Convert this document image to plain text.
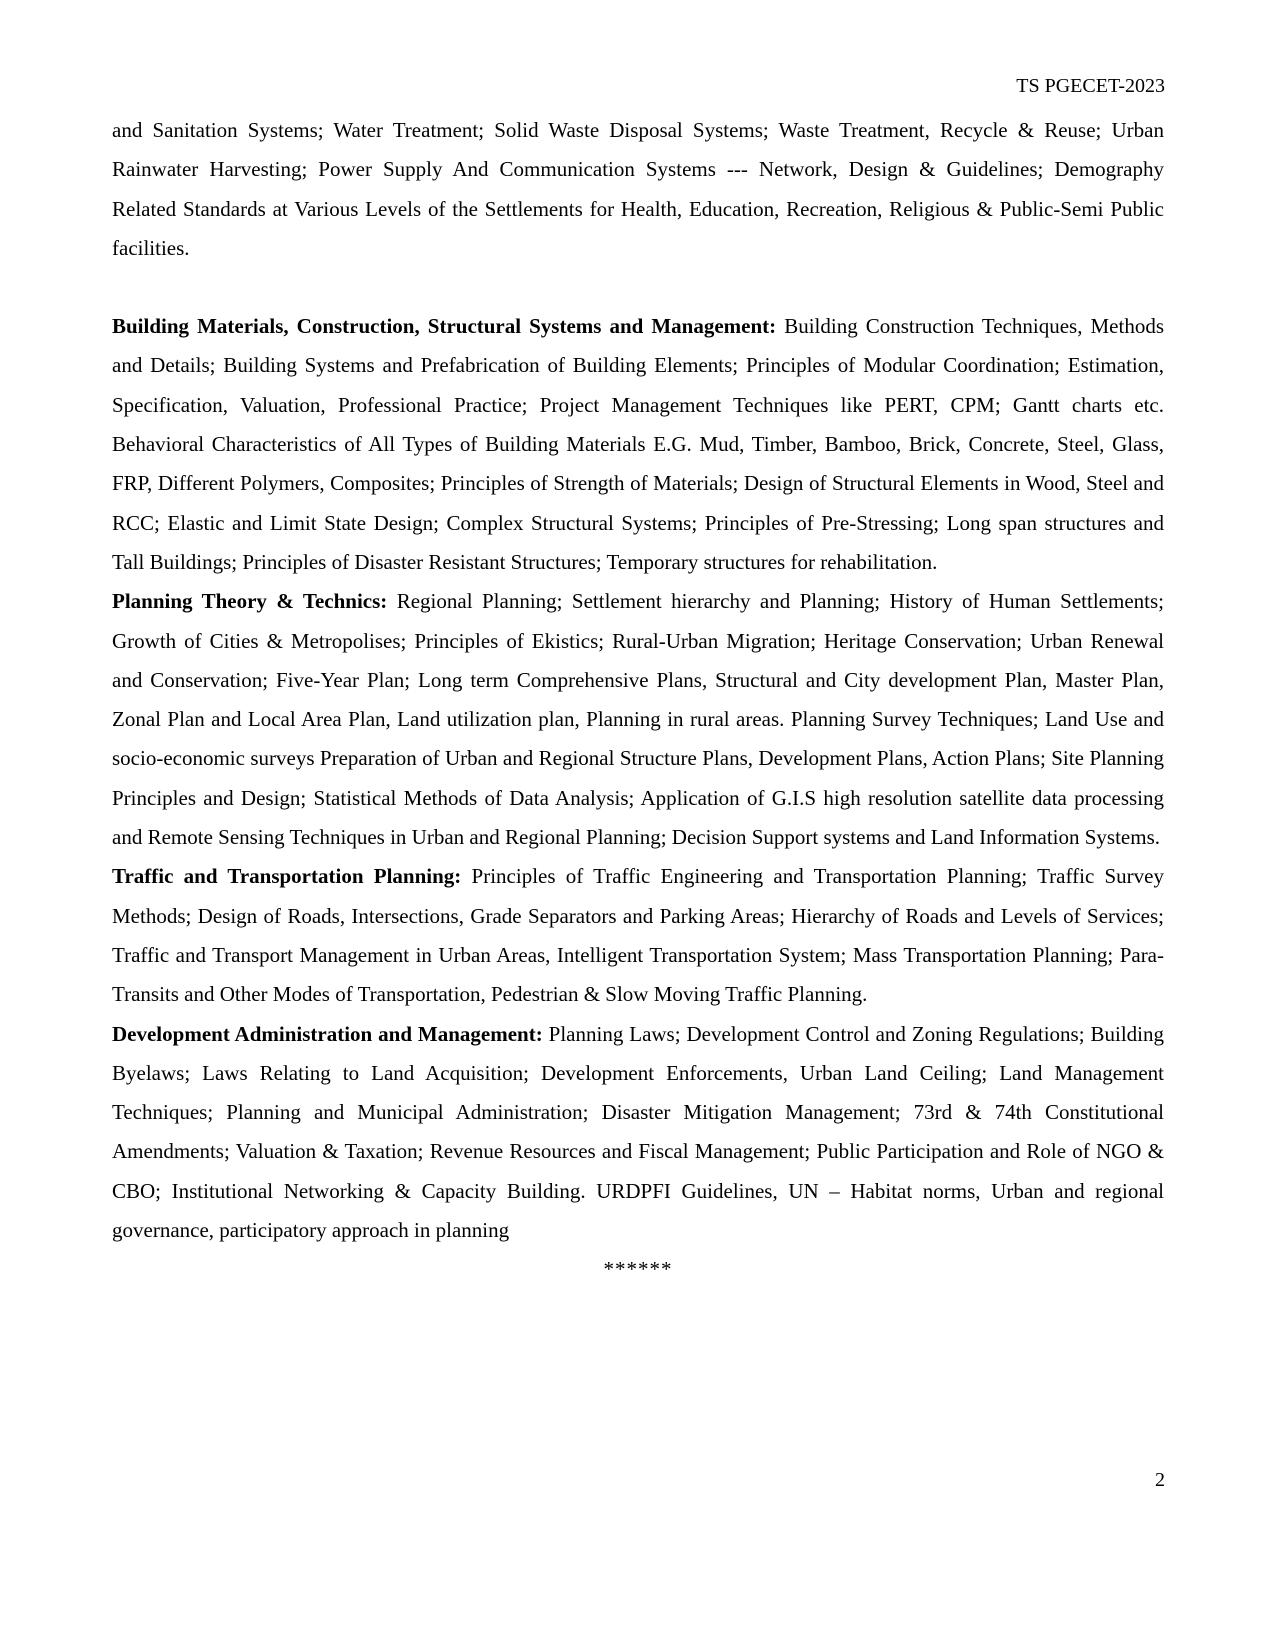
TS PGECET-2023

and Sanitation Systems; Water Treatment; Solid Waste Disposal Systems; Waste Treatment, Recycle & Reuse; Urban Rainwater Harvesting; Power Supply And Communication Systems --- Network, Design & Guidelines; Demography Related Standards at Various Levels of the Settlements for Health, Education, Recreation, Religious & Public-Semi Public facilities.

Building Materials, Construction, Structural Systems and Management: Building Construction Techniques, Methods and Details; Building Systems and Prefabrication of Building Elements; Principles of Modular Coordination; Estimation, Specification, Valuation, Professional Practice; Project Management Techniques like PERT, CPM; Gantt charts etc. Behavioral Characteristics of All Types of Building Materials E.G. Mud, Timber, Bamboo, Brick, Concrete, Steel, Glass, FRP, Different Polymers, Composites; Principles of Strength of Materials; Design of Structural Elements in Wood, Steel and RCC; Elastic and Limit State Design; Complex Structural Systems; Principles of Pre-Stressing; Long span structures and Tall Buildings; Principles of Disaster Resistant Structures; Temporary structures for rehabilitation.

Planning Theory & Technics: Regional Planning; Settlement hierarchy and Planning; History of Human Settlements; Growth of Cities & Metropolises; Principles of Ekistics; Rural-Urban Migration; Heritage Conservation; Urban Renewal and Conservation; Five-Year Plan; Long term Comprehensive Plans, Structural and City development Plan, Master Plan, Zonal Plan and Local Area Plan, Land utilization plan, Planning in rural areas. Planning Survey Techniques; Land Use and socio-economic surveys Preparation of Urban and Regional Structure Plans, Development Plans, Action Plans; Site Planning Principles and Design; Statistical Methods of Data Analysis; Application of G.I.S high resolution satellite data processing and Remote Sensing Techniques in Urban and Regional Planning; Decision Support systems and Land Information Systems.

Traffic and Transportation Planning: Principles of Traffic Engineering and Transportation Planning; Traffic Survey Methods; Design of Roads, Intersections, Grade Separators and Parking Areas; Hierarchy of Roads and Levels of Services; Traffic and Transport Management in Urban Areas, Intelligent Transportation System; Mass Transportation Planning; Para-Transits and Other Modes of Transportation, Pedestrian & Slow Moving Traffic Planning.

Development Administration and Management: Planning Laws; Development Control and Zoning Regulations; Building Byelaws; Laws Relating to Land Acquisition; Development Enforcements, Urban Land Ceiling; Land Management Techniques; Planning and Municipal Administration; Disaster Mitigation Management; 73rd & 74th Constitutional Amendments; Valuation & Taxation; Revenue Resources and Fiscal Management; Public Participation and Role of NGO & CBO; Institutional Networking & Capacity Building. URDPFI Guidelines, UN – Habitat norms, Urban and regional governance, participatory approach in planning

******

2
